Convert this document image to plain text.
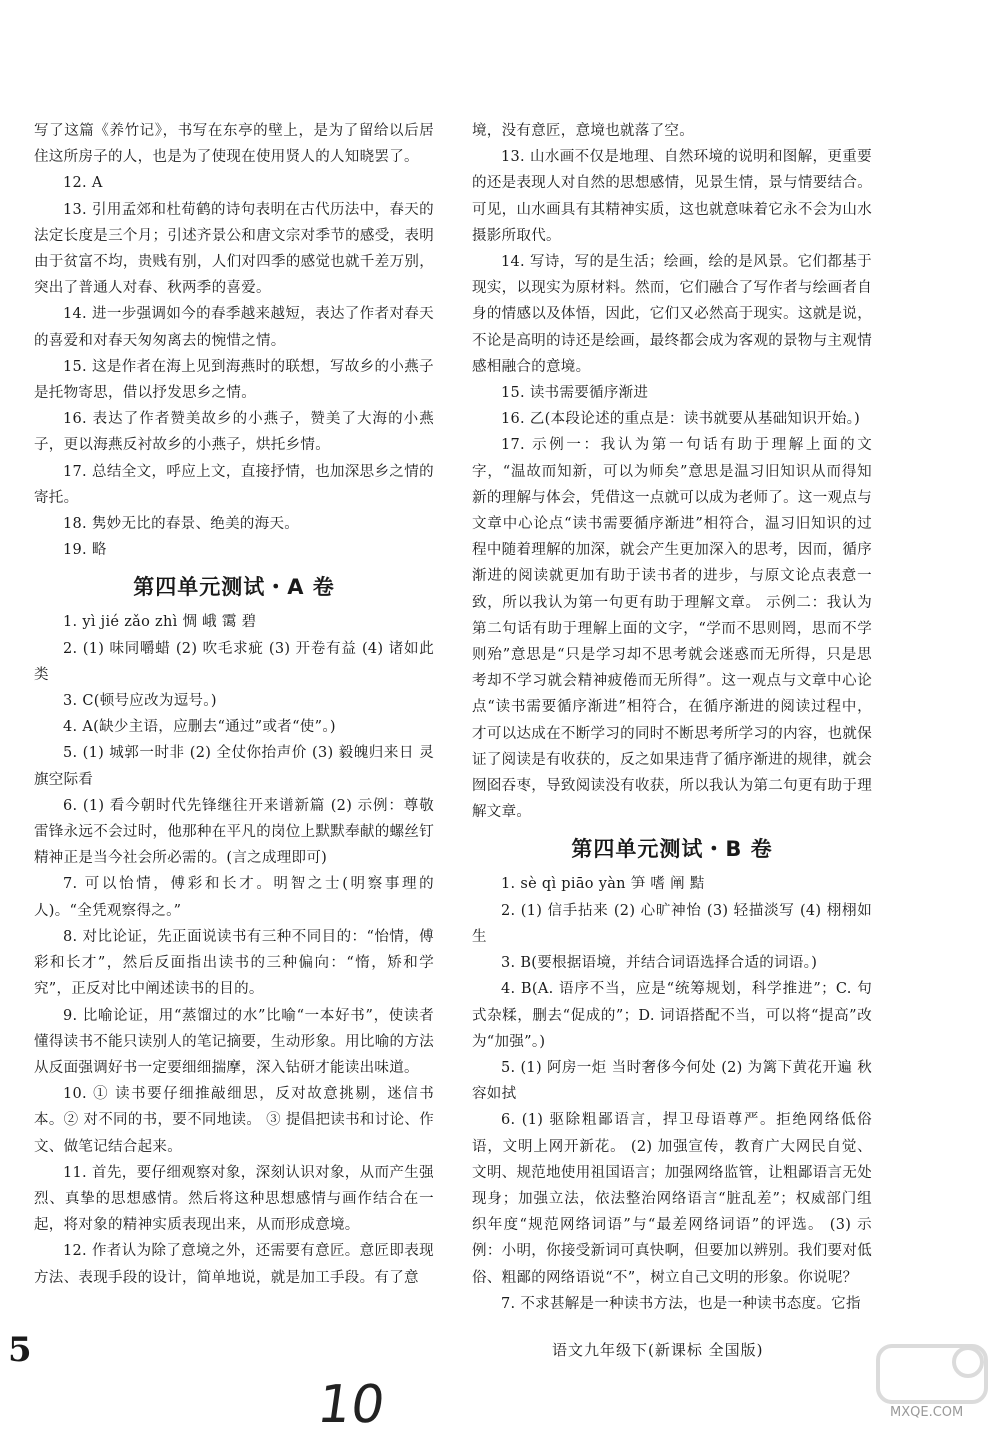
写了这篇《养竹记》，书写在东亭的壁上，是为了留给以后居住这所房子的人，也是为了使现在使用贤人的人知晓罢了。
12. A
13. 引用孟郊和杜荀鹤的诗句表明在古代历法中，春天的法定长度是三个月；引述齐景公和唐文宗对季节的感受，表明由于贫富不均，贵贱有别，人们对四季的感觉也就千差万别，突出了普通人对春、秋两季的喜爱。
14. 进一步强调如今的春季越来越短，表达了作者对春天的喜爱和对春天匆匆离去的惋惜之情。
15. 这是作者在海上见到海燕时的联想，写故乡的小燕子是托物寄思，借以抒发思乡之情。
16. 表达了作者赞美故乡的小燕子，赞美了大海的小燕子，更以海燕反衬故乡的小燕子，烘托乡情。
17. 总结全文，呼应上文，直接抒情，也加深思乡之情的寄托。
18. 隽妙无比的春景、绝美的海天。
19. 略
第四单元测试・A 卷
1. yì jié zǎo zhì 惆 峨 霭 碧
2. (1) 味同嚼蜡 (2) 吹毛求疵 (3) 开卷有益 (4) 诸如此类
3. C(顿号应改为逗号。)
4. A(缺少主语，应删去“通过”或者“使”。)
5. (1) 城郭一时非 (2) 全仗你抬声价 (3) 毅魄归来日 灵旗空际看
6. (1) 看今朝时代先锋继往开来谱新篇 (2) 示例：尊敬雷锋永远不会过时，他那种在平凡的岗位上默默奉献的螺丝钉精神正是当今社会所必需的。(言之成理即可)
7. 可以怡情，傅彩和长才。明智之士(明察事理的人)。“全凭观察得之。”
8. 对比论证，先正面说读书有三种不同目的：“怡情，傅彩和长才”，然后反面指出读书的三种偏向：“惰，矫和学究”，正反对比中阐述读书的目的。
9. 比喻论证，用“蒸馏过的水”比喻“一本好书”，使读者懂得读书不能只读别人的笔记摘要，生动形象。用比喻的方法从反面强调好书一定要细细揣摩，深入钻研才能读出味道。
10. ① 读书要仔细推敲细思，反对故意挑剔，迷信书本。② 对不同的书，要不同地读。 ③ 提倡把读书和讨论、作文、做笔记结合起来。
11. 首先，要仔细观察对象，深刻认识对象，从而产生强烈、真挚的思想感情。然后将这种思想感情与画作结合在一起，将对象的精神实质表现出来，从而形成意境。
12. 作者认为除了意境之外，还需要有意匠。意匠即表现方法、表现手段的设计，简单地说，就是加工手段。有了意
境，没有意匠，意境也就落了空。
13. 山水画不仅是地理、自然环境的说明和图解，更重要的还是表现人对自然的思想感情，见景生情，景与情要结合。可见，山水画具有其精神实质，这也就意味着它永不会为山水摄影所取代。
14. 写诗，写的是生活；绘画，绘的是风景。它们都基于现实，以现实为原材料。然而，它们融合了写作者与绘画者自身的情感以及体悟，因此，它们又必然高于现实。这就是说，不论是高明的诗还是绘画，最终都会成为客观的景物与主观情感相融合的意境。
15. 读书需要循序渐进
16. 乙(本段论述的重点是：读书就要从基础知识开始。)
17. 示例一：我认为第一句话有助于理解上面的文字，“温故而知新，可以为师矣”意思是温习旧知识从而得知新的理解与体会，凭借这一点就可以成为老师了。这一观点与文章中心论点“读书需要循序渐进”相符合，温习旧知识的过程中随着理解的加深，就会产生更加深入的思考，因而，循序渐进的阅读就更加有助于读书者的进步，与原文论点表意一致，所以我认为第一句更有助于理解文章。 示例二：我认为第二句话有助于理解上面的文字，“学而不思则罔，思而不学则殆”意思是“只是学习却不思考就会迷惑而无所得，只是思考却不学习就会精神疲倦而无所得”。这一观点与文章中心论点“读书需要循序渐进”相符合，在循序渐进的阅读过程中，才可以达成在不断学习的同时不断思考所学习的内容，也就保证了阅读是有收获的，反之如果违背了循序渐进的规律，就会囫囵吞枣，导致阅读没有收获，所以我认为第二句更有助于理解文章。
第四单元测试・B 卷
1. sè qì piāo yàn 笋 嗜 阐 黠
2. (1) 信手拈来 (2) 心旷神怡 (3) 轻描淡写 (4) 栩栩如生
3. B(要根据语境，并结合词语选择合适的词语。)
4. B(A. 语序不当，应是“统筹规划，科学推进”；C. 句式杂糅，删去“促成的”；D. 词语搭配不当，可以将“提高”改为“加强”。)
5. (1) 阿房一炬 当时奢侈今何处 (2) 为篱下黄花开遍 秋容如拭
6. (1) 驱除粗鄙语言，捍卫母语尊严。拒绝网络低俗语，文明上网开新花。 (2) 加强宣传，教育广大网民自觉、文明、规范地使用祖国语言；加强网络监管，让粗鄙语言无处现身；加强立法，依法整治网络语言“脏乱差”；权威部门组织年度“规范网络词语”与“最差网络词语”的评选。 (3) 示例：小明，你接受新词可真快啊，但要加以辨别。我们要对低俗、粗鄙的网络语说“不”，树立自己文明的形象。你说呢？
7. 不求甚解是一种读书方法，也是一种读书态度。它指
5	语文九年级下(新课标 全国版)
10	MXQE.COM
